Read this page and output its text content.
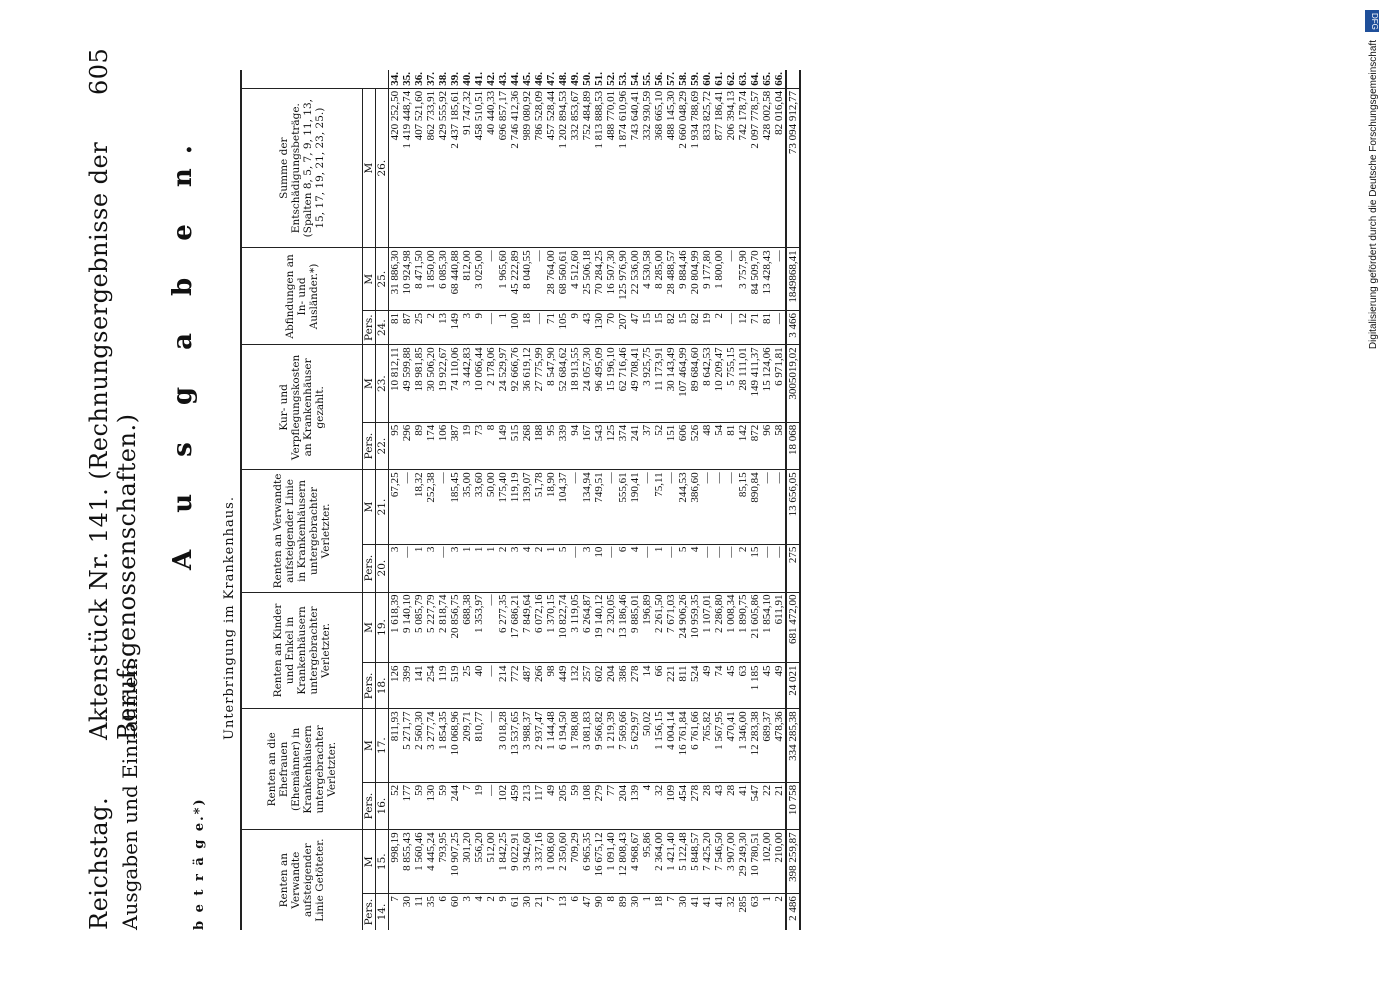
Reichstag.
Aktenstück Nr. 141. (Rechnungsergebnisse der Berufsgenossenschaften.)
605
Ausgaben und Einnahmen.
A u s g a b e n.
b e t r ä g e.*)
Unterbringung im Krankenhaus.
Renten an Verwandte aufsteigender Linie Getöteter.		Renten an die Ehefrauen (Ehemänner) in Krankenhäusern untergebrachter Verletzter.		Renten an Kinder und Enkel in Krankenhäusern untergebrachter Verletzter.		Renten an Verwandte aufsteigender Linie in Krankenhäusern untergebrachter Verletzter.		Kur- und Verpflegungskosten an Krankenhäuser gezahlt.		Abfindungen an In- und Ausländer.*)		Summe der Entschädigungsbeträge. (Spalten 8, 5, 7, 9, 11, 13, 15, 17, 19, 21, 23, 25.)	
Pers.	M	Pers.	M	Pers.	M	Pers.	M	Pers.	M	Pers.	M	M	
14.	15.	16.	17.	18.	19.	20.	21.	22.	23.	24.	25.	26.	
7	998,19	52	811,93	126	1 618,39	3	67,25	95	10 812,11	81	31 886,30	420 252,50	34.
30	8 855,43	177	5 271,77	399	9 140,10	—	—	296	49 599,88	87	10 924,98	1 419 448,74	35.
11	1 560,46	59	2 560,30	141	5 085,79	1	18,32	89	18 981,85	25	8 471,50	407 521,60	36.
35	4 445,24	130	3 277,74	254	5 227,79	3	252,38	174	30 506,20	2	1 850,00	862 733,91	37.
6	793,95	59	1 854,35	119	2 818,74	—	—	106	19 922,67	13	6 085,30	429 555,92	38.
60	10 907,25	244	10 068,96	519	20 856,75	3	185,45	387	74 110,06	149	68 440,88	2 437 185,61	39.
3	301,20	7	209,71	25	688,38	1	35,00	19	3 442,83	3	812,00	91 747,32	40.
4	556,20	19	810,77	40	1 353,97	1	33,60	73	10 066,44	9	3 025,00	458 510,51	41.
2	512,00	—	—	—	—	1	50,00	8	2 178,06	—	—	40 440,33	42.
9	1 842,25	102	3 018,28	214	6 277,35	2	175,40	149	24 529,97	1	1 965,60	696 857,17	43.
61	9 022,91	459	13 537,65	772	17 686,21	3	119,19	515	92 666,76	100	45 222,89	2 746 412,36	44.
30	3 942,60	213	3 988,37	487	7 849,64	4	139,07	268	36 619,12	18	8 040,55	989 080,92	45.
21	3 337,16	117	2 937,47	266	6 072,16	2	51,78	188	27 775,99	—	—	786 528,09	46.
7	1 008,60	49	1 144,48	98	1 370,15	1	18,90	95	8 547,90	71	28 764,00	457 528,44	47.
13	2 350,60	205	6 194,50	449	10 822,74	5	104,37	339	52 684,62	105	68 560,61	1 202 894,53	48.
6	709,29	59	1 788,08	132	3 119,05	—	—	94	18 913,55	9	4 512,60	332 853,67	49.
47	6 965,35	108	3 081,83	257	6 264,87	3	134,94	167	24 057,30	43	25 506,18	752 484,89	50.
90	16 675,12	279	9 566,82	602	19 140,12	10	749,51	543	96 495,09	130	70 284,25	1 813 888,53	51.
8	1 091,40	77	1 219,39	204	2 320,05	—	—	125	15 196,10	70	16 507,30	488 770,01	52.
89	12 808,43	204	7 569,66	386	13 186,46	6	555,61	374	62 716,46	207	125 976,90	1 874 610,96	53.
30	4 968,67	139	5 629,97	278	9 885,01	4	190,41	241	49 708,41	47	22 536,00	743 640,41	54.
1	95,86	4	50,02	14	196,89	—	—	37	3 925,75	15	4 530,58	332 930,59	55.
18	2 364,00	32	1 156,15	66	2 261,50	1	75,11	52	11 173,91	15	8 285,00	368 665,10	56.
7	1 421,40	109	4 004,14	221	7 671,03	—	—	151	30 143,49	82	28 488,57	488 145,30	57.
30	5 122,48	454	16 761,84	811	24 906,26	5	244,53	606	107 464,99	15	9 884,46	2 660 048,29	58.
41	5 848,57	278	6 761,66	524	10 959,35	4	386,60	526	89 684,60	82	20 804,99	1 934 788,69	59.
41	7 425,20	28	765,82	49	1 107,01	—	—	48	8 642,53	19	9 177,80	833 825,72	60.
41	7 546,50	43	1 567,95	74	2 286,80	—	—	54	10 209,47	2	1 800,00	877 186,41	61.
32	3 907,00	28	470,41	45	1 008,34	—	—	81	5 755,15	—	—	206 394,13	62.
285	29 249,30	41	1 346,00	63	1 890,75	2	85,15	142	28 111,01	12	3 757,90	742 178,74	63.
63	10 780,51	547	12 283,38	1 185	21 605,86	15	890,84	872	149 411,37	71	84 509,70	2 097 778,57	64.
1	102,00	22	689,37	45	1 854,10	—	—	96	15 124,06	81	13 428,43	428 002,58	65.
2	210,00	21	478,36	49	611,91	—	—	58	6 971,81	—	—	82 016,04	66.
2 486	398 259,87	10 758	334 285,38	24 021	681 472,00	275	13 656,05	18 068	3005019,02	3 466	1849868,41	73 094 912,77	
DFG
Digitalisierung gefördert durch die Deutsche Forschungsgemeinschaft
